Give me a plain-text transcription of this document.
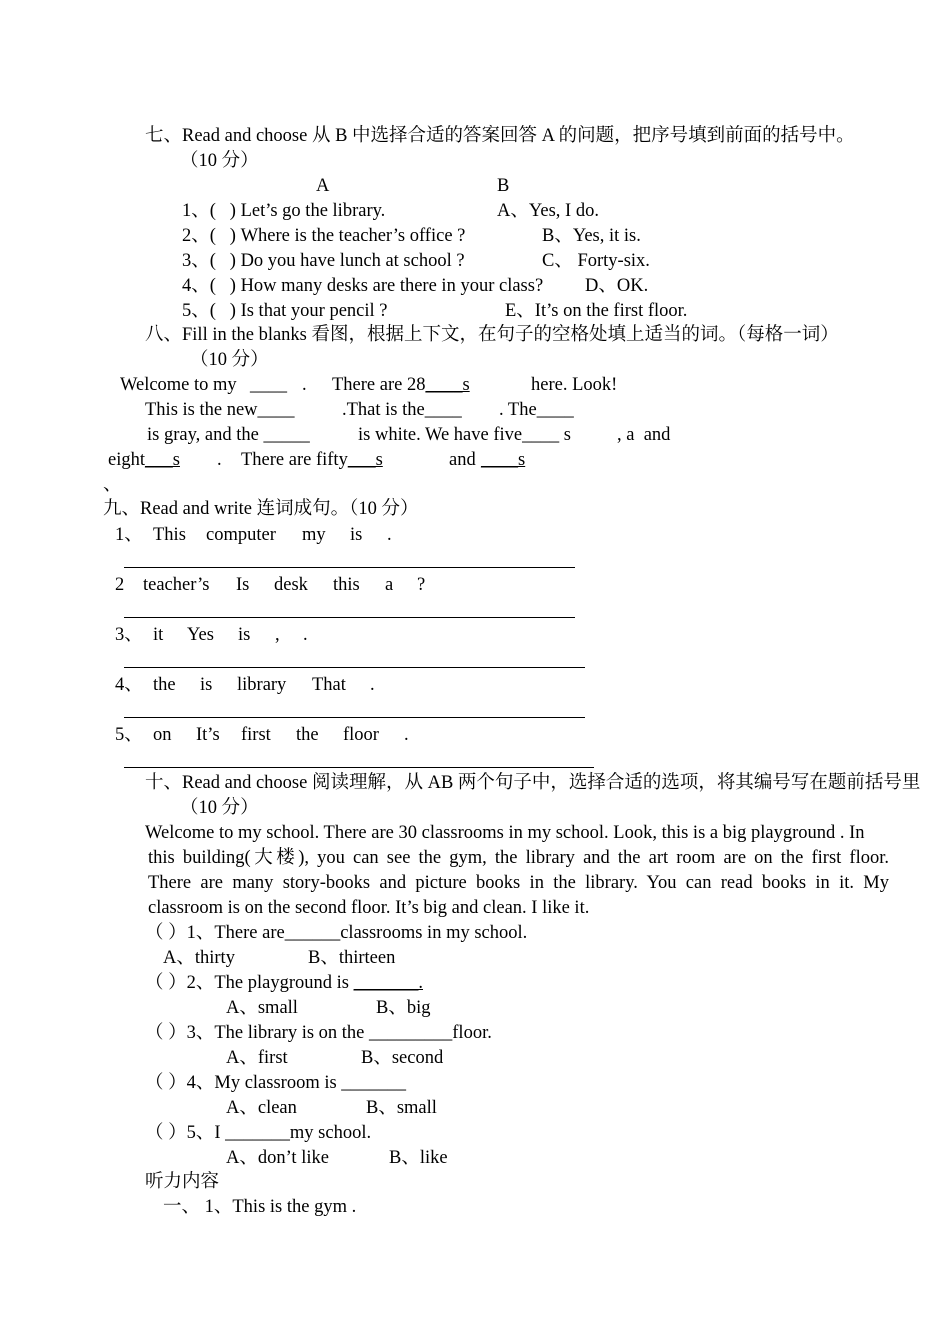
七、Read and choose 从 B 中选择合适的答案回答 A 的问题，把序号填到前面的括号中。
（10 分）
A	B
1、(   ) Let’s go the library.	A、Yes, I do.
2、(   ) Where is the teacher’s office ?	B、Yes, it is.
3、(   ) Do you have lunch at school ?	C、 Forty-six.
4、(   ) How many desks are there in your class? D、OK.
5、(   ) Is that your pencil ?	E、It’s on the first floor.
八、Fill in the blanks 看图，根据上下文，在句子的空格处填上适当的词。（每格一词）
（10 分）
Welcome to my ____ . There are 28____s	here. Look!
This is the new____	.That is the____ . The____
is gray, and the _____	is white. We have five____ s , a  and
eight___s . There are fifty___s	and ____s
、
九、Read and write 连词成句。（10 分）
1、 This computer my is .
2 teacher’s Is desk this a ?
3、 it Yes is , .
4、 the is library That .
5、 on It’s first the floor .
十、Read and choose 阅读理解，从 AB 两个句子中，选择合适的选项，将其编号写在题前括号里
（10 分）
Welcome to my school. There are 30 classrooms in my school. Look, this is a big playground . In
this building(大楼), you can see the gym, the library and the art room are on the first floor.
There are many story-books and picture books in the library. You can read books in it. My
classroom is on the second floor. It’s big and clean. I like it.
（ ）1、There are______classrooms in my school.
A、thirty	B、thirteen
（ ）2、The playground is _______.
A、small	B、big
（ ）3、The library is on the _________floor.
A、first	B、second
（ ）4、My classroom is _______
A、clean	B、small
（ ）5、I _______my school.
A、don’t like	B、like
听力内容
一、 1、This is the gym .
